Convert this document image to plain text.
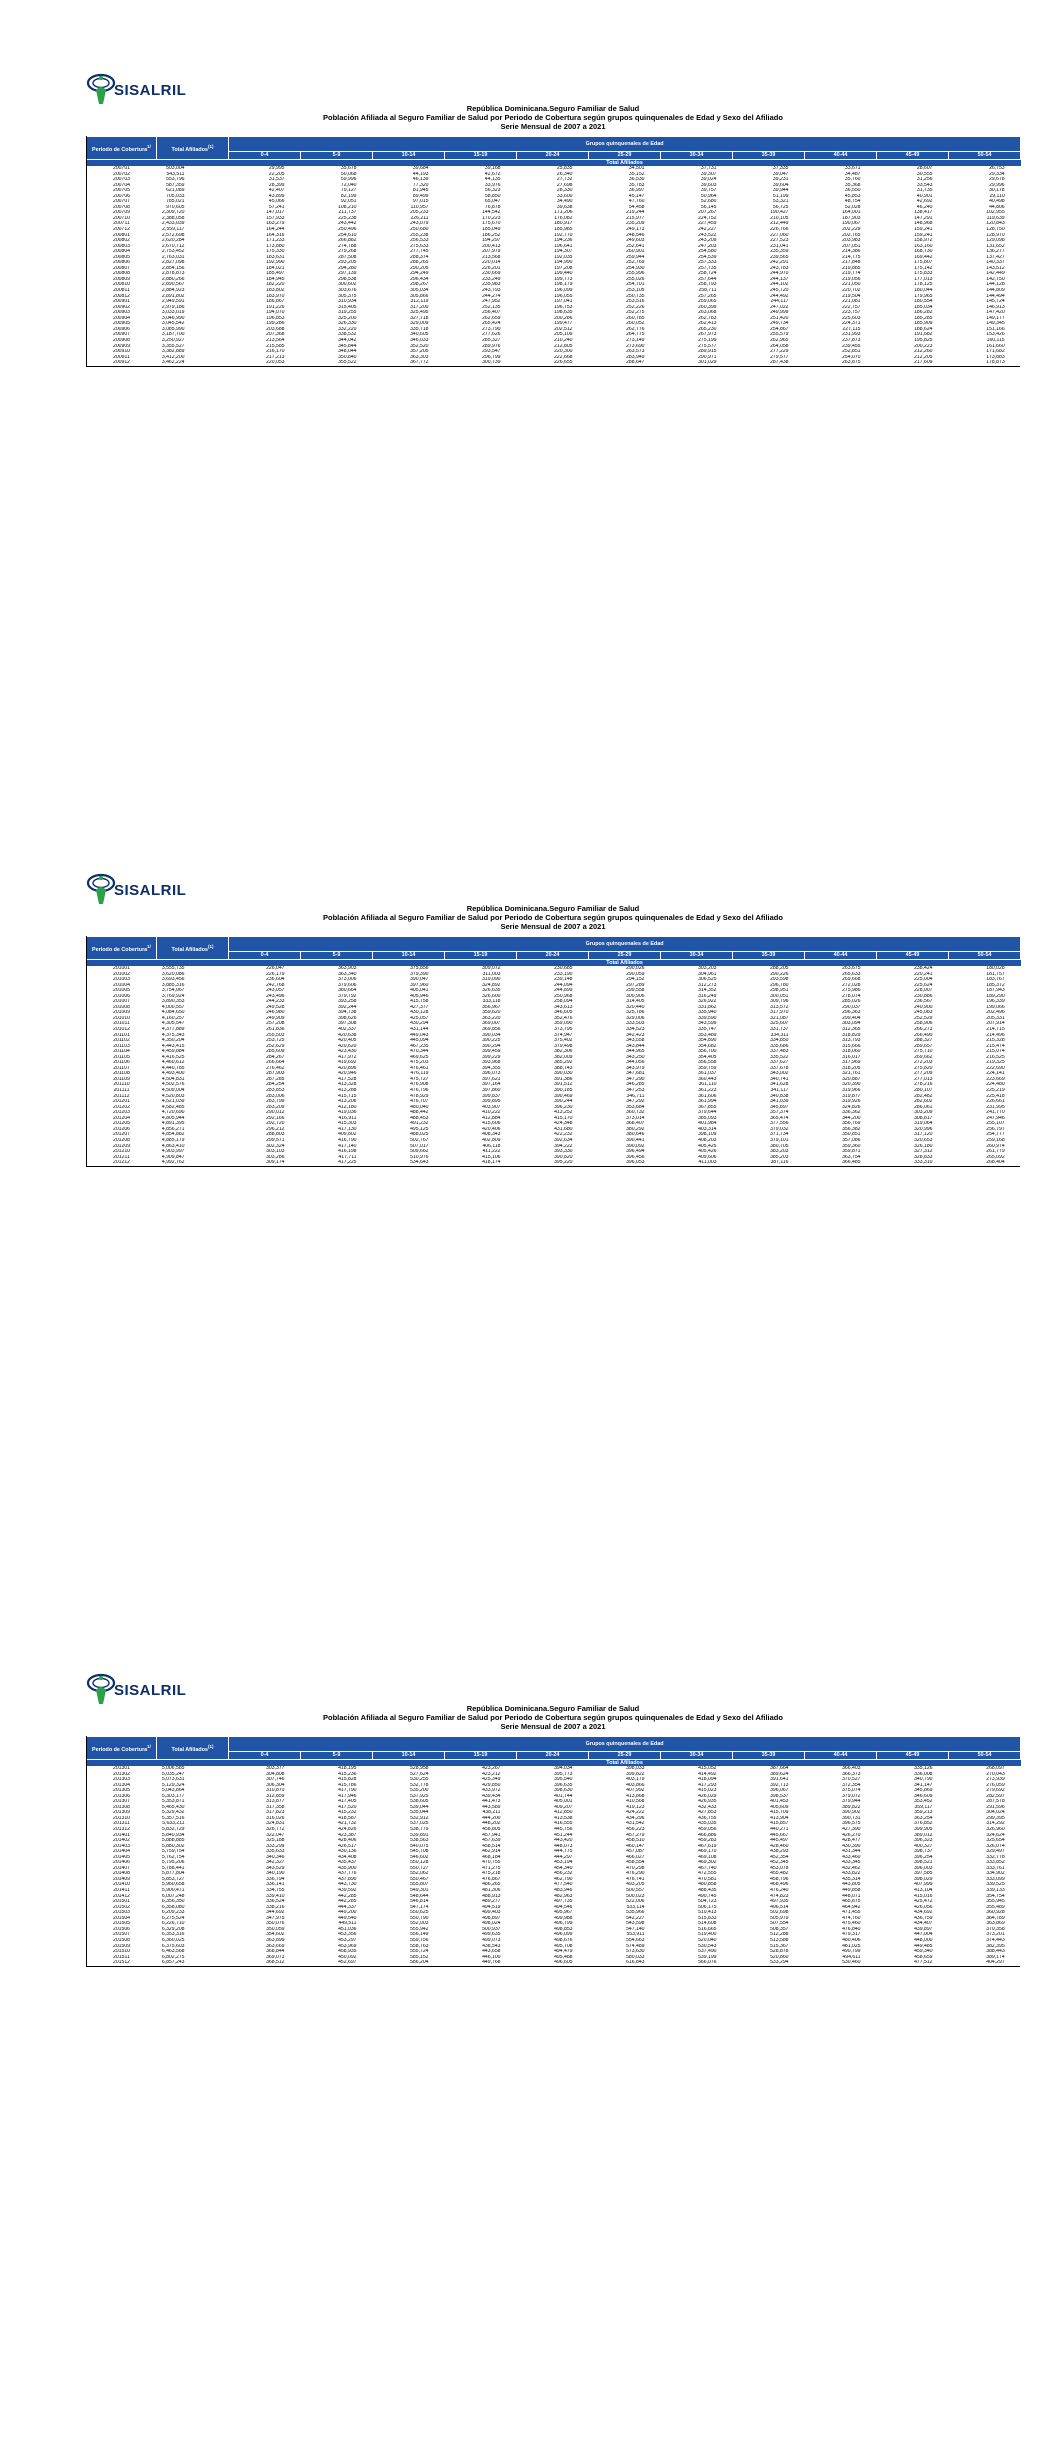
SISALRIL
República Dominicana.Seguro Familiar de Salud
Población Afiliada al Seguro Familiar de Salud por Periodo de Cobertura según grupos quinquenales de Edad y Sexo del Afiliado
Serie Mensual de 2007 a 2021
Periodo de Cobertura$^{1/}$	Total Afiliados$^{(1)}$	Grupos quinquenales de Edad										
		0-4	5-9	10-14	15-19	20-24	25-29	30-34	35-39	40-44	45-49	50-54
		Total Afiliados										
200701	503,004	29,995	35,678	39,684	39,168	25,835	34,501	37,731	37,335	33,671	28,607	26,753
200702	543,511	22,205	50,068	44,193	42,672	26,340	35,152	39,307	39,047	34,487	30,555	29,334
200703	553,796	31,537	59,996	46,139	44,135	27,732	36,530	39,024	39,231	35,760	31,256	29,678
200704	587,359	28,399	72,040	77,320	33,976	27,698	35,783	39,603	39,604	35,368	33,543	29,996
200705	621,089	42,407	79,127	81,945	56,323	28,330	36,997	39,757	39,944	36,550	31,735	30,178
200706	705,033	43,899	82,199	89,499	58,850	33,600	45,147	50,964	51,199	45,853	40,901	29,110
200707	785,021	45,066	92,051	97,015	65,047	34,490	47,760	52,680	53,321	48,754	42,692	40,498
200708	970,605	57,241	108,210	110,957	76,878	39,638	54,458	56,145	56,725	52,028	46,240	44,806
200709	2,309,720	147,017	211,737	205,233	144,542	171,206	219,244	207,267	190,427	164,001	138,417	102,955
200710	2,388,058	157,933	225,238	226,211	170,223	176,082	215,977	224,752	210,105	187,903	147,291	119,639
200711	2,433,039	163,279	243,442	243,079	175,670	180,917	235,209	227,459	212,449	190,067	148,968	120,843
200712	2,559,117	164,244	250,496	250,680	185,049	185,985	249,173	242,227	226,766	202,229	159,241	128,750
200801	2,572,698	164,316	254,610	255,238	186,252	192,770	248,546	243,522	227,060	202,765	159,241	128,970
200802	2,620,284	171,233	266,882	256,533	194,297	194,236	249,603	243,209	227,523	203,983	158,972	129,098
200803	2,670,712	173,880	274,788	275,633	200,413	196,641	252,641	247,203	231,041	207,051	163,160	131,652
200804	2,753,452	175,330	279,268	277,745	207,979	194,307	260,901	254,580	235,359	214,386	168,730	136,277
200805	2,763,031	183,631	287,508	288,374	213,568	192,035	259,944	254,539	239,565	214,775	169,442	137,427
200806	2,827,098	192,990	293,205	288,265	220,014	194,990	252,769	257,333	242,291	217,848	175,807	140,337
200807	2,854,156	184,021	294,280	290,205	226,201	197,208	254,930	257,735	243,783	219,885	175,142	143,512
200808	2,878,873	185,497	297,139	294,249	230,669	199,440	255,996	258,724	244,970	219,774	175,833	142,449
200809	2,880,266	184,945	298,538	296,434	233,249	199,773	255,026	257,644	244,137	219,056	177,013	142,750
200810	2,890,567	182,220	300,602	298,267	235,983	198,179	254,701	258,793	244,102	221,050	178,125	144,128
200811	2,884,923	183,802	303,676	305,034	243,793	196,099	253,105	258,711	245,720	220,702	180,044	144,809
200812	2,891,802	183,970	305,375	305,866	244,274	196,055	250,735	257,265	244,492	219,504	179,965	144,494
200901	2,949,591	186,867	310,934	312,119	247,952	197,041	253,516	259,065	244,117	221,081	180,554	145,724
200902	2,979,186	191,226	315,405	317,200	252,135	196,753	252,226	260,399	247,022	222,757	185,034	146,913
200903	3,033,019	194,070	319,255	325,495	256,407	198,635	252,275	263,068	249,999	223,757	186,282	147,420
200904	3,046,990	196,853	325,200	327,718	262,659	200,286	260,785	262,783	251,420	225,603	185,285	149,177
200905	3,045,542	199,286	326,330	329,009	265,424	199,477	260,052	262,413	249,734	224,371	185,909	149,345
200906	3,085,990	203,688	332,220	335,718	273,790	202,512	262,776	265,230	254,867	227,115	188,624	151,166
200907	3,187,700	207,368	338,532	340,605	277,626	205,109	264,775	267,973	255,579	231,993	191,682	153,426
200908	3,250,927	213,564	344,042	346,033	285,327	210,240	273,149	275,199	262,965	237,873	195,825	160,115
200909	3,355,527	215,585	345,844	352,520	289,976	212,805	273,690	275,577	264,058	239,455	200,223	161,660
200910	3,382,889	216,170	348,044	357,205	293,547	220,300	263,573	289,915	277,229	252,851	212,260	171,682
200911	3,412,200	217,213	350,840	363,303	296,799	222,668	283,949	290,971	279,577	254,070	212,205	173,883
200912	3,462,224	220,053	355,522	367,772	300,739	226,655	288,647	301,029	287,438	263,875	217,609	178,873
SISALRIL
República Dominicana.Seguro Familiar de Salud
Población Afiliada al Seguro Familiar de Salud por Periodo de Cobertura según grupos quinquenales de Edad y Sexo del Afiliado
Serie Mensual de 2007 a 2021
Periodo de Cobertura$^{1/}$	Total Afiliados$^{(1)}$	Grupos quinquenales de Edad										
		0-4	5-9	10-14	15-19	20-24	25-29	30-34	35-39	40-44	45-49	50-54
		Total Afiliados										
201001	3,555,735	226,047	363,903	375,856	309,072	230,685	290,026	303,203	288,205	263,675	238,424	180,028
201002	3,620,086	226,179	363,340	379,390	311,003	233,190	290,059	304,961	290,226	265,633	220,241	181,757
201003	3,693,456	236,604	373,006	390,047	319,090	239,148	294,152	306,525	293,598	269,668	225,004	183,767
201004	3,885,316	242,768	379,606	397,960	324,892	244,094	297,289	312,273	296,780	272,028	225,624	185,372
201005	3,754,067	243,057	380,664	405,041	326,635	244,899	299,558	314,352	298,951	275,986	228,007	187,943
201006	3,769,924	243,496	379,792	405,946	326,600	250,968	300,906	316,249	300,051	278,074	230,886	189,290
201007	3,890,353	244,233	393,258	415,758	333,118	258,094	314,405	326,922	309,796	285,026	236,567	196,339
201008	4,000,557	249,528	392,244	427,377	356,967	343,613	320,440	331,862	313,572	290,037	240,900	199,066
201009	4,084,650	246,980	394,738	430,128	359,620	346,605	325,786	335,940	317,970	296,363	245,083	202,496
201010	4,160,257	249,909	398,626	425,057	363,220	352,476	329,006	339,590	321,087	299,404	252,529	205,331
201011	4,305,547	257,208	397,308	430,294	369,007	359,090	333,503	343,599	325,607	303,094	258,906	207,914
201012	4,377,889	261,836	402,337	431,144	369,856	373,795	334,523	335,747	331,737	312,365	266,273	214,715
201101	4,375,343	255,503	420,638	449,043	390,034	374,947	342,423	353,489	334,311	318,829	266,490	214,496
201102	4,350,204	253,725	420,405	445,094	390,225	375,402	343,558	354,890	334,850	313,793	288,327	215,328
201103	4,443,415	252,629	420,620	467,235	390,294	379,498	343,844	354,682	335,686	315,666	289,657	215,474
201104	4,459,884	285,609	423,430	470,344	399,459	382,306	344,965	356,700	337,483	318,060	275,710	215,074
201105	4,416,525	284,267	417,972	469,625	399,229	382,009	343,250	354,405	335,522	316,017	269,662	216,525
201106	4,460,612	266,664	419,692	475,203	393,968	385,292	344,056	356,558	337,627	317,969	272,203	219,325
201107	4,440,785	276,462	420,896	476,461	394,355	388,743	343,979	359,759	337,678	318,205	275,820	222,690
201108	4,493,400	287,903	420,946	476,119	396,073	390,030	347,681	361,037	343,002	321,761	277,209	224,141
201109	4,504,831	287,285	417,528	475,727	397,621	391,386	347,290	360,443	340,741	320,887	277,013	223,669
201110	4,502,576	284,254	413,328	476,908	397,164	391,512	346,285	361,110	341,628	320,390	278,216	224,480
201111	4,509,004	283,853	413,288	476,796	397,860	390,185	347,253	361,223	341,117	319,966	280,107	225,219
201112	4,520,803	283,006	415,715	478,929	399,837	390,469	346,711	361,606	340,838	319,877	282,482	225,418
201201	4,521,039	283,799	413,206	476,707	399,895	390,244	347,292	361,994	341,039	319,926	282,602	226,661
201202	4,582,485	283,209	412,180	480,040	403,907	396,230	353,684	367,855	345,897	324,826	286,061	231,995
201203	4,720,690	290,012	419,036	488,442	410,222	413,252	360,732	379,644	357,374	336,362	303,209	241,770
201204	4,805,944	292,166	416,911	488,453	412,884	415,170	373,014	385,093	365,474	344,200	308,817	247,946
201205	4,891,395	292,720	415,303	491,232	415,606	424,348	368,407	401,984	377,556	356,769	319,064	255,107
201206	4,856,271	296,212	417,130	495,125	420,406	431,680	380,292	403,314	379,032	356,382	320,996	256,797
201207	4,854,882	288,803	409,802	488,025	408,343	422,232	380,646	398,109	371,734	350,851	317,120	254,777
201208	4,885,179	299,571	416,790	502,767	402,809	392,634	390,441	408,203	379,101	357,086	320,653	259,168
201209	4,863,410	302,324	417,140	507,017	406,118	394,222	390,092	405,425	380,705	359,360	326,180	260,974
201210	4,903,997	303,103	416,198	509,662	411,222	393,330	396,494	405,426	383,203	359,871	327,312	261,779
201211	4,909,847	303,286	417,711	510,976	415,106	390,820	396,456	409,606	385,203	363,754	328,833	265,092
201212	4,992,762	309,174	417,225	534,643	418,174	395,220	396,053	411,003	387,116	366,485	333,310	268,404
SISALRIL
República Dominicana.Seguro Familiar de Salud
Población Afiliada al Seguro Familiar de Salud por Periodo de Cobertura según grupos quinquenales de Edad y Sexo del Afiliado
Serie Mensual de 2007 a 2021
Periodo de Cobertura$^{1/}$	Total Afiliados$^{(1)}$	Grupos quinquenales de Edad										
		0-4	5-9	10-14	15-19	20-24	25-29	30-34	35-39	40-44	45-49	50-54
		Total Afiliados										
201301	5,006,585	303,377	418,195	528,958	423,267	394,034	398,033	415,052	387,664	366,403	335,126	268,097
201302	5,035,247	304,808	415,236	527,624	423,212	395,773	399,822	414,492	389,624	366,373	336,008	270,043
201303	5,073,631	307,746	415,828	530,255	425,349	395,540	403,179	418,094	391,641	370,527	340,790	273,939
201304	5,129,324	306,304	415,786	532,778	429,850	396,635	403,866	417,293	392,713	372,354	341,147	276,059
201305	5,043,864	310,870	417,790	535,200	433,972	398,630	407,992	415,023	396,067	375,074	345,869	279,692
201306	5,303,177	312,859	417,946	537,925	439,434	401,744	413,868	426,029	398,537	379,072	346,609	282,597
201307	5,353,871	313,877	417,405	538,605	441,473	405,001	410,568	426,935	401,453	379,944	353,452	287,578
201308	5,465,430	317,358	417,520	539,044	443,589	409,207	419,123	432,433	405,609	389,822	359,117	291,596
201309	5,329,432	317,823	415,232	535,044	438,211	412,850	424,222	427,853	415,709	390,902	359,213	304,024
201310	5,357,516	316,026	418,587	532,912	444,200	413,538	434,296	436,755	413,904	390,731	363,254	299,395
201311	5,633,211	324,831	421,732	537,025	448,202	416,555	431,542	435,035	415,857	396,575	376,852	314,292
201312	5,832,729	326,772	424,826	538,779	458,805	445,756	456,223	459,056	440,271	427,390	399,905	326,960
201401	5,840,934	322,047	423,387	539,891	457,941	451,244	457,279	466,886	445,667	426,270	389,012	324,624
201402	5,888,885	325,188	428,406	538,563	457,639	443,420	458,510	459,283	445,497	428,477	396,323	325,654
201403	5,880,302	333,299	426,517	540,075	458,514	448,073	460,147	467,619	428,460	430,390	400,327	326,074
201404	5,759,754	335,633	430,136	545,708	462,914	444,775	457,087	469,170	438,293	431,344	398,737	329,497
201405	5,762,754	340,346	434,408	546,602	468,184	444,297	466,027	469,108	452,354	433,460	396,254	332,778
201406	5,795,206	342,327	435,437	550,128	470,755	453,194	458,554	469,302	452,345	433,345	398,521	333,852
201407	5,788,441	343,529	435,900	550,727	471,275	454,340	470,298	467,740	453,078	432,462	396,003	333,761
201408	5,877,804	340,190	437,776	552,062	475,218	456,232	476,290	472,555	455,482	433,822	397,585	334,902
201409	5,853,727	336,794	437,890	550,467	476,867	462,790	476,741	470,581	458,796	435,314	398,029	333,099
201410	5,960,658	336,141	443,730	555,807	486,265	477,540	493,205	480,858	468,496	443,805	407,999	339,525
201411	5,900,471	334,755	439,592	549,301	481,306	483,946	500,557	488,435	476,240	449,858	413,104	339,133
201412	6,007,248	339,410	442,285	548,644	488,913	482,963	500,023	490,745	474,823	448,071	415,016	354,754
201501	6,356,350	336,524	442,285	546,814	489,277	497,735	522,006	504,723	497,935	465,875	425,472	355,945
201502	6,358,080	338,216	444,337	547,174	494,519	494,546	533,114	506,175	496,514	464,942	426,056	355,489
201503	6,209,233	344,692	449,200	550,625	499,403	495,967	535,966	510,413	502,698	471,455	434,692	360,928
201504	6,275,524	347,975	449,540	550,790	498,897	499,988	542,227	515,833	505,979	474,760	436,759	364,789
201505	6,226,710	350,076	449,511	552,003	498,024	496,799	543,598	514,608	507,554	475,460	434,407	363,869
201506	6,329,208	350,059	451,036	555,942	500,937	498,853	547,140	516,665	508,357	476,840	439,897	370,358
201507	6,353,316	354,602	453,356	556,149	499,635	496,099	553,911	519,400	512,288	479,317	447,004	373,201
201508	6,360,025	363,899	453,297	559,756	499,073	498,676	554,663	520,040	513,588	480,406	448,000	374,443
201509	6,375,603	363,669	453,969	558,763	438,543	495,708	574,489	530,543	515,367	481,025	449,485	382,395
201510	6,463,568	368,844	458,935	555,724	443,658	494,479	573,630	537,490	528,878	490,799	459,340	388,443
201511	6,802,275	369,073	450,092	585,152	446,100	495,488	580,033	539,199	520,860	494,611	458,659	389,174
201512	6,857,243	368,512	452,697	586,204	449,768	496,605	616,843	566,076	533,294	530,460	477,512	404,297
